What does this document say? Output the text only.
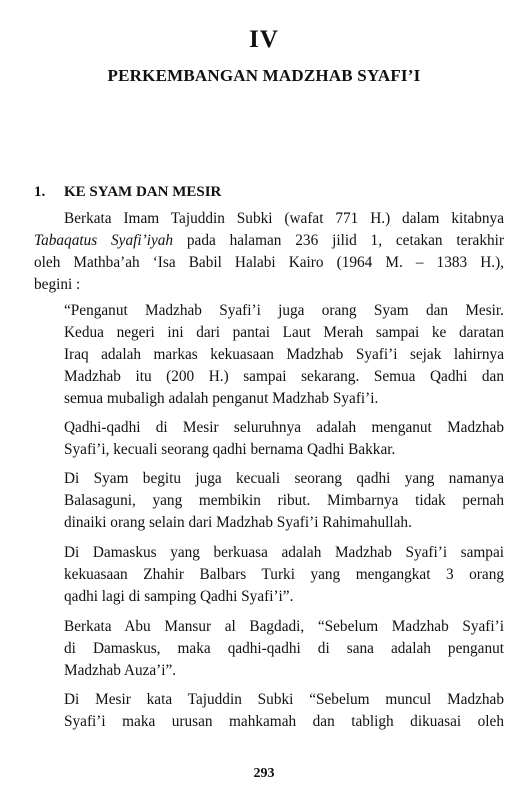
IV
PERKEMBANGAN MADZHAB SYAFI’I
1. KE SYAM DAN MESIR
Berkata Imam Tajuddin Subki (wafat 771 H.) dalam kitabnya
Tabaqatus Syafi’iyah pada halaman 236 jilid 1, cetakan terakhir
oleh Mathba’ah ‘Isa Babil Halabi Kairo (1964 M. – 1383 H.),
begini :
“Penganut Madzhab Syafi’i juga orang Syam dan Mesir.
Kedua negeri ini dari pantai Laut Merah sampai ke daratan
Iraq adalah markas kekuasaan Madzhab Syafi’i sejak lahirnya
Madzhab itu (200 H.) sampai sekarang. Semua Qadhi dan
semua mubaligh adalah penganut Madzhab Syafi’i.
Qadhi-qadhi di Mesir seluruhnya adalah menganut Madzhab
Syafi’i, kecuali seorang qadhi bernama Qadhi Bakkar.
Di Syam begitu juga kecuali seorang qadhi yang namanya
Balasaguni, yang membikin ribut. Mimbarnya tidak pernah
dinaiki orang selain dari Madzhab Syafi’i Rahimahullah.
Di Damaskus yang berkuasa adalah Madzhab Syafi’i sampai
kekuasaan Zhahir Balbars Turki yang mengangkat 3 orang
qadhi lagi di samping Qadhi Syafi’i”.
Berkata Abu Mansur al Bagdadi, “Sebelum Madzhab Syafi’i
di Damaskus, maka qadhi-qadhi di sana adalah penganut
Madzhab Auza’i”.
Di Mesir kata Tajuddin Subki “Sebelum muncul Madzhab
Syafi’i maka urusan mahkamah dan tabligh dikuasai oleh
293
